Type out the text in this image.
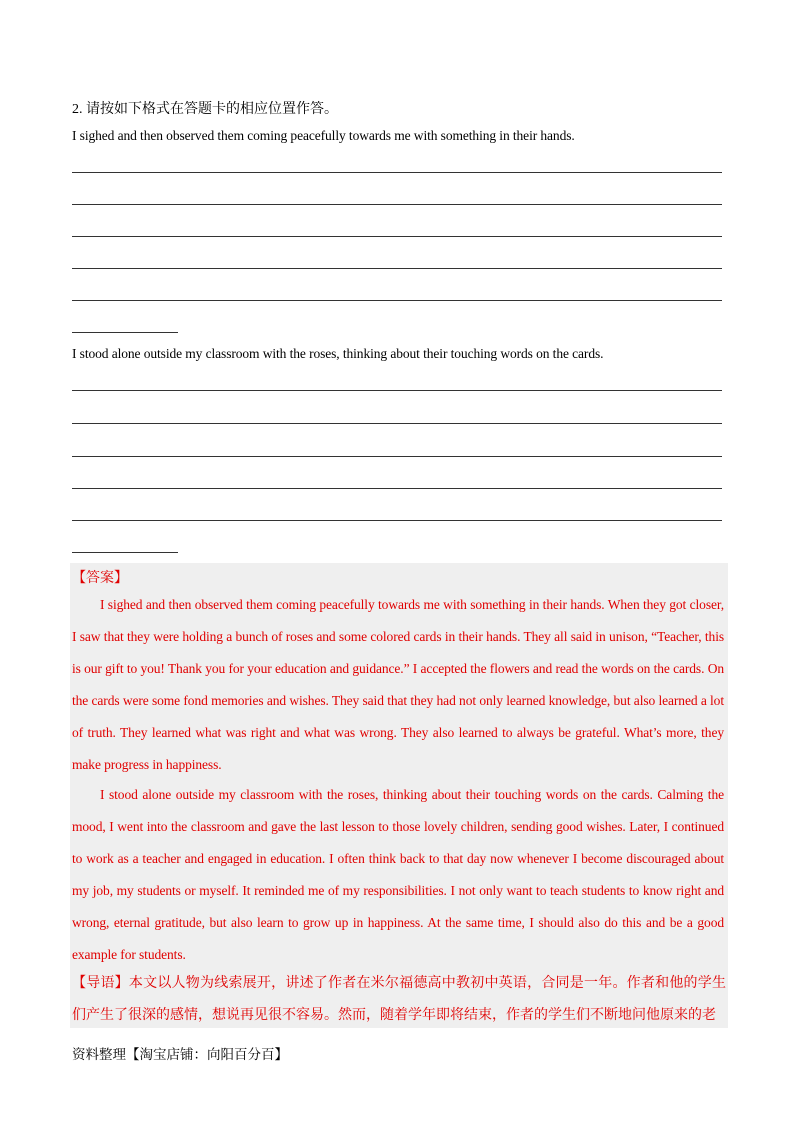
2. 请按如下格式在答题卡的相应位置作答。
I sighed and then observed them coming peacefully towards me with something in their hands.
I stood alone outside my classroom with the roses, thinking about their touching words on the cards.
【答案】
I sighed and then observed them coming peacefully towards me with something in their hands. When they got closer, I saw that they were holding a bunch of roses and some colored cards in their hands. They all said in unison, “Teacher, this is our gift to you! Thank you for your education and guidance.” I accepted the flowers and read the words on the cards. On the cards were some fond memories and wishes. They said that they had not only learned knowledge, but also learned a lot of truth. They learned what was right and what was wrong. They also learned to always be grateful. What’s more, they make progress in happiness.
I stood alone outside my classroom with the roses, thinking about their touching words on the cards. Calming the mood, I went into the classroom and gave the last lesson to those lovely children, sending good wishes. Later, I continued to work as a teacher and engaged in education. I often think back to that day now whenever I become discouraged about my job, my students or myself. It reminded me of my responsibilities. I not only want to teach students to know right and wrong, eternal gratitude, but also learn to grow up in happiness. At the same time, I should also do this and be a good example for students.
【导语】本文以人物为线索展开，讲述了作者在米尔福德高中教初中英语，合同是一年。作者和他的学生们产生了很深的感情，想说再见很不容易。然而，随着学年即将结束，作者的学生们不断地问他原来的老
资料整理【淘宝店铺：向阳百分百】
